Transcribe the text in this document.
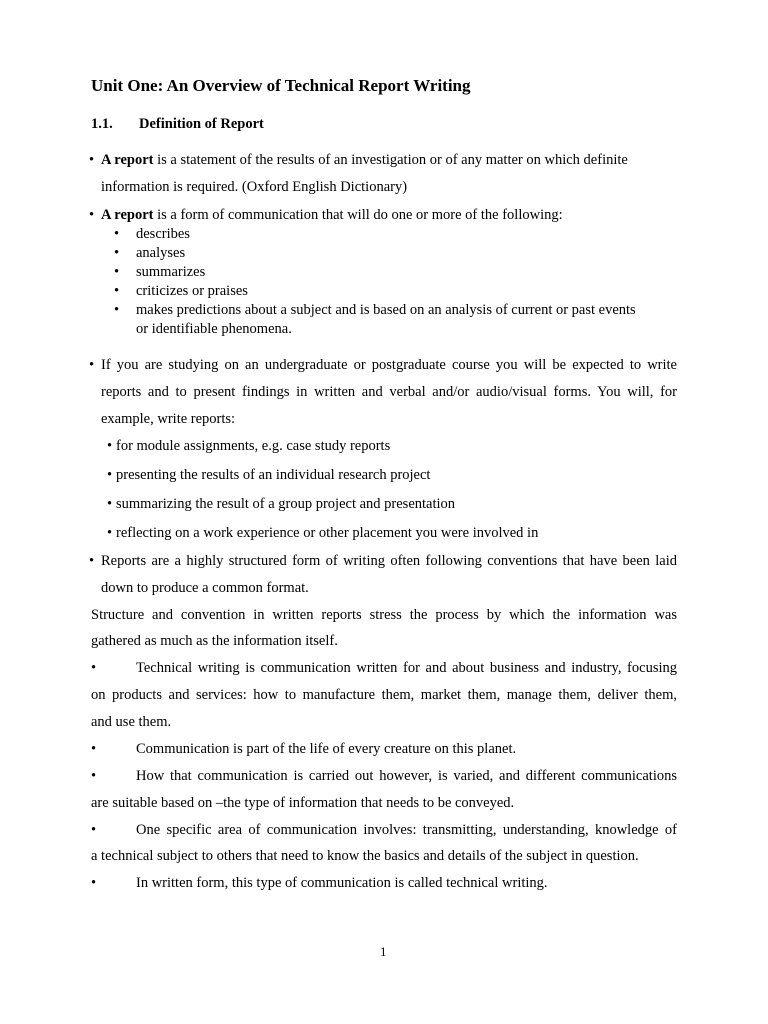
Unit One: An Overview of Technical Report Writing

1.1. Definition of Report

• A report is a statement of the results of an investigation or of any matter on which definite

information is required. (Oxford English Dictionary)

• A report is a form of communication that will do one or more of the following:

• describes

• analyses

• summarizes

• criticizes or praises

• makes predictions about a subject and is based on an analysis of current or past events

or identifiable phenomena.

• If you are studying on an undergraduate or postgraduate course you will be expected to write

reports and to present findings in written and verbal and/or audio/visual forms. You will, for

example, write reports:

• for module assignments, e.g. case study reports

• presenting the results of an individual research project

• summarizing the result of a group project and presentation

• reflecting on a work experience or other placement you were involved in

• Reports are a highly structured form of writing often following conventions that have been laid

down to produce a common format.

Structure and convention in written reports stress the process by which the information was

gathered as much as the information itself.

•	Technical writing is communication written for and about business and industry, focusing

on products and services: how to manufacture them, market them, manage them, deliver them,

and use them.

•	Communication is part of the life of every creature on this planet.

•	How that communication is carried out however, is varied, and different communications

are suitable based on –the type of information that needs to be conveyed.

•	One specific area of communication involves: transmitting, understanding, knowledge of

a technical subject to others that need to know the basics and details of the subject in question.

•	In written form, this type of communication is called technical writing.

1
